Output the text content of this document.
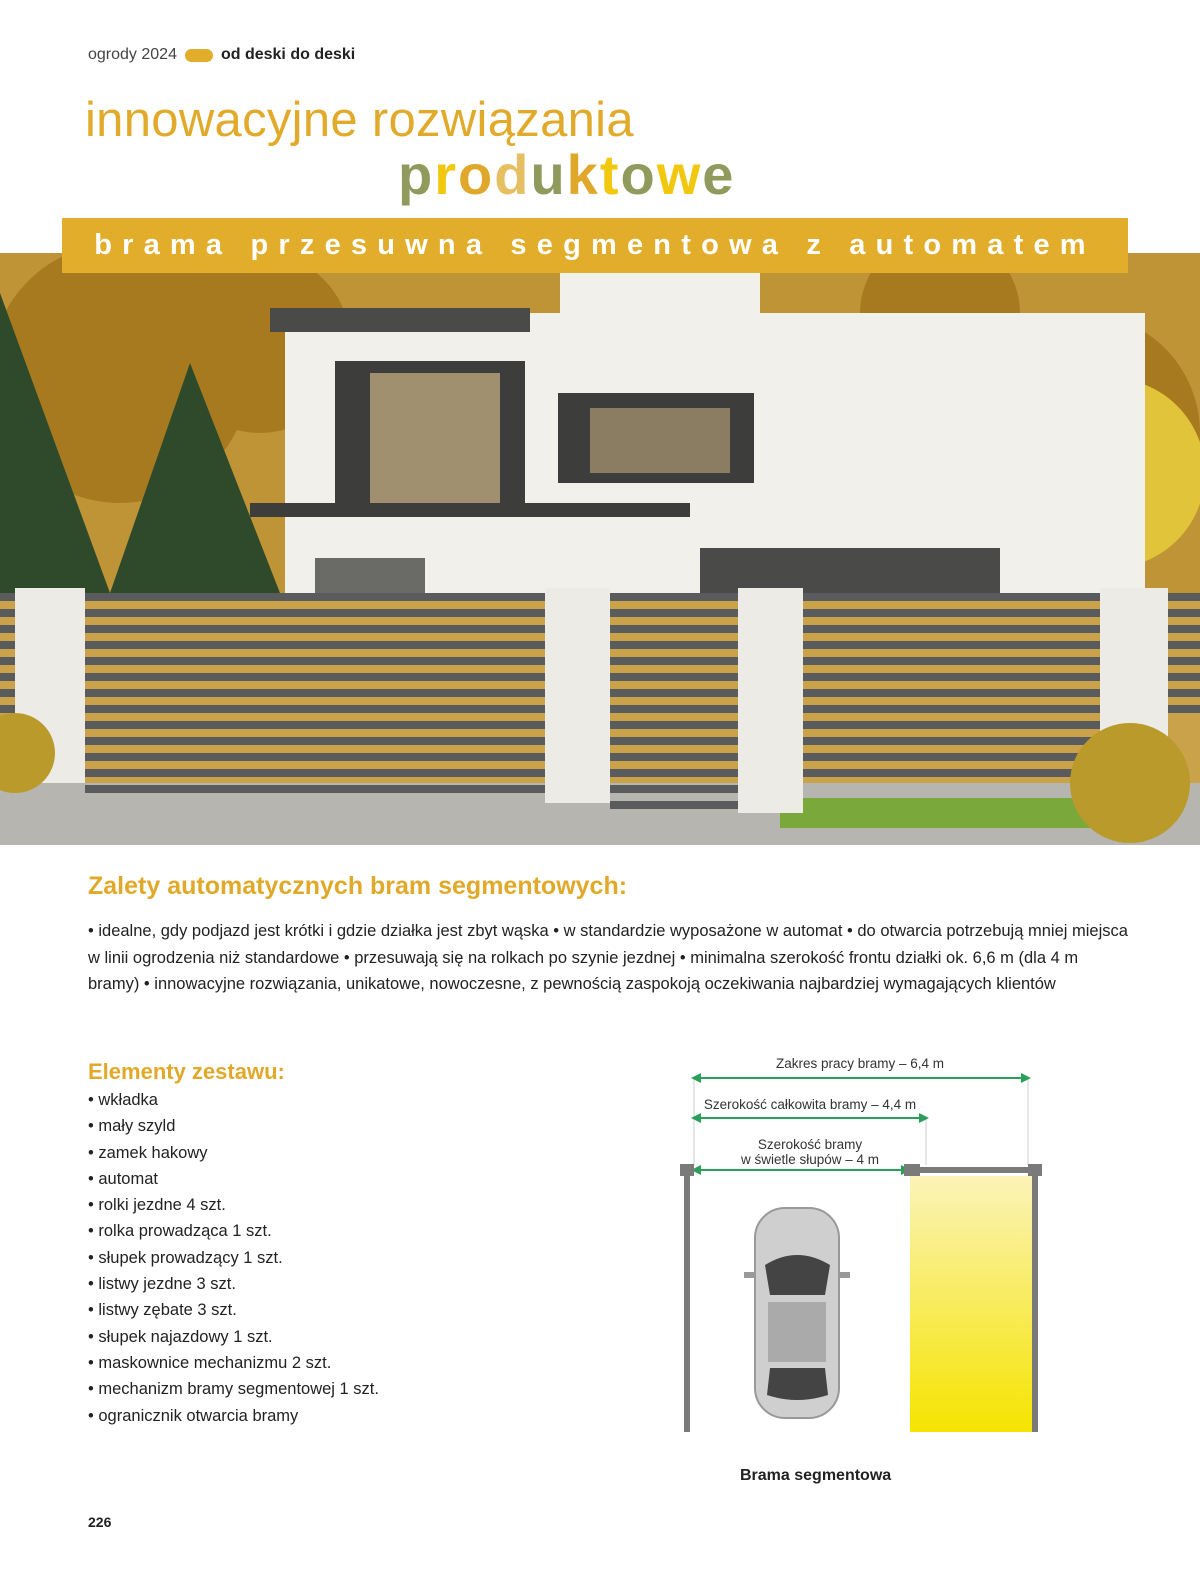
ogrody 2024	od deski do deski
innowacyjne rozwiązania
produktowe
brama przesuwna segmentowa z automatem
Zalety automatycznych bram segmentowych:
• idealne, gdy podjazd jest krótki i gdzie działka jest zbyt wąska • w standardzie wyposażone w automat • do otwarcia potrzebują mniej miejsca w linii ogrodzenia niż standardowe • przesuwają się na rolkach po szynie jezdnej • minimalna szerokość frontu działki ok. 6,6 m (dla 4 m bramy) • innowacyjne rozwiązania, unikatowe, nowoczesne, z pewnością zaspokoją oczekiwania najbardziej wymagających klientów
Elementy zestawu:
• wkładka
• mały szyld
• zamek hakowy
• automat
• rolki jezdne 4 szt.
• rolka prowadząca 1 szt.
• słupek prowadzący 1 szt.
• listwy jezdne 3 szt.
• listwy zębate 3 szt.
• słupek najazdowy 1 szt.
• maskownice mechanizmu 2 szt.
• mechanizm bramy segmentowej 1 szt.
• ogranicznik otwarcia bramy
Zakres pracy bramy – 6,4 m
Szerokość całkowita bramy – 4,4 m
Szerokość bramy
w świetle słupów – 4 m
Brama segmentowa
226
